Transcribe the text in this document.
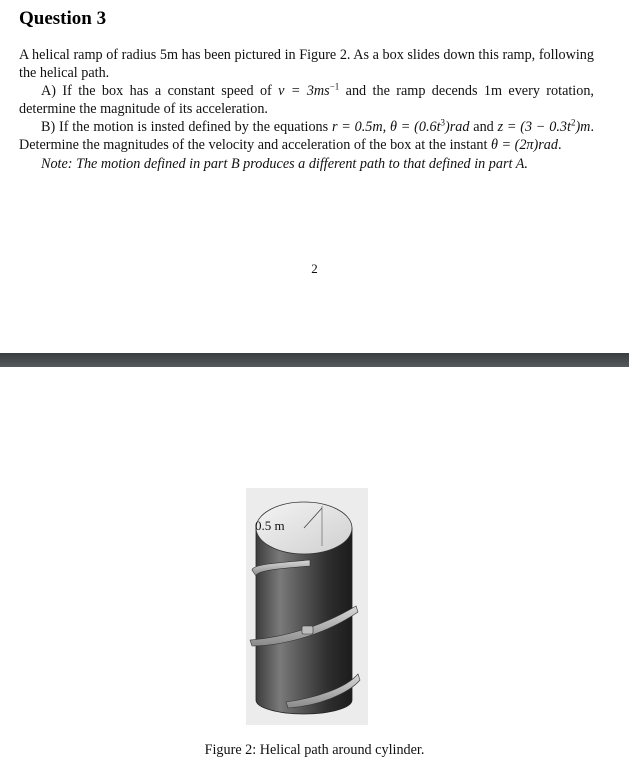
Question 3

A helical ramp of radius 5m has been pictured in Figure 2. As a box slides down this ramp, following the helical path.

A) If the box has a constant speed of $v = 3ms^{-1}$ and the ramp decends 1m every rotation, determine the magnitude of its acceleration.

B) If the motion is insted defined by the equations r = 0.5m, $\theta = (0.6t^3)rad$ and $z = (3 - 0.3t^2)m$. Determine the magnitudes of the velocity and acceleration of the box at the instant θ = (2π)rad.

Note: The motion defined in part B produces a different path to that defined in part A.

2
0.5 m
Figure 2: Helical path around cylinder.
